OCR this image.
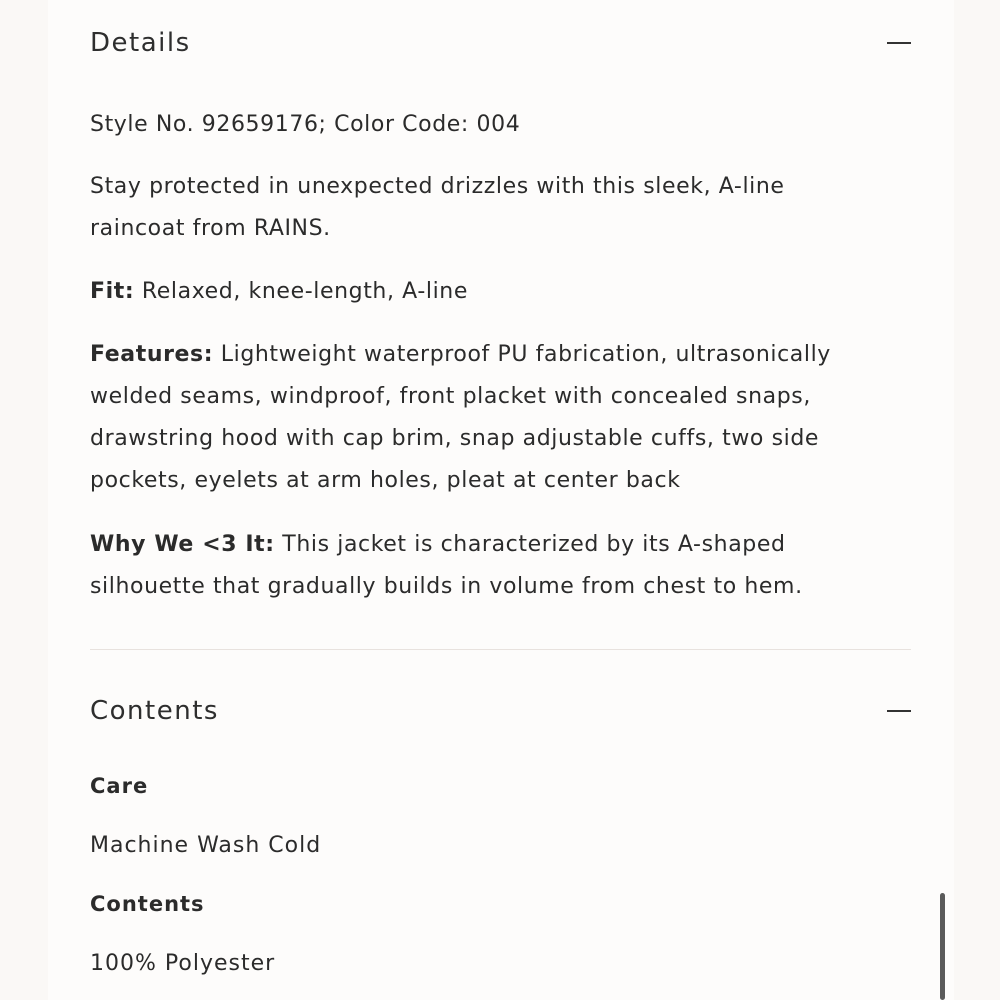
Details

Style No. 92659176; Color Code: 004

Stay protected in unexpected drizzles with this sleek, A-line raincoat from RAINS.

Fit: Relaxed, knee-length, A-line

Features: Lightweight waterproof PU fabrication, ultrasonically welded seams, windproof, front placket with concealed snaps, drawstring hood with cap brim, snap adjustable cuffs, two side pockets, eyelets at arm holes, pleat at center back

Why We <3 It: This jacket is characterized by its A-shaped silhouette that gradually builds in volume from chest to hem.

Contents
Care
Machine Wash Cold
Contents
100% Polyester
